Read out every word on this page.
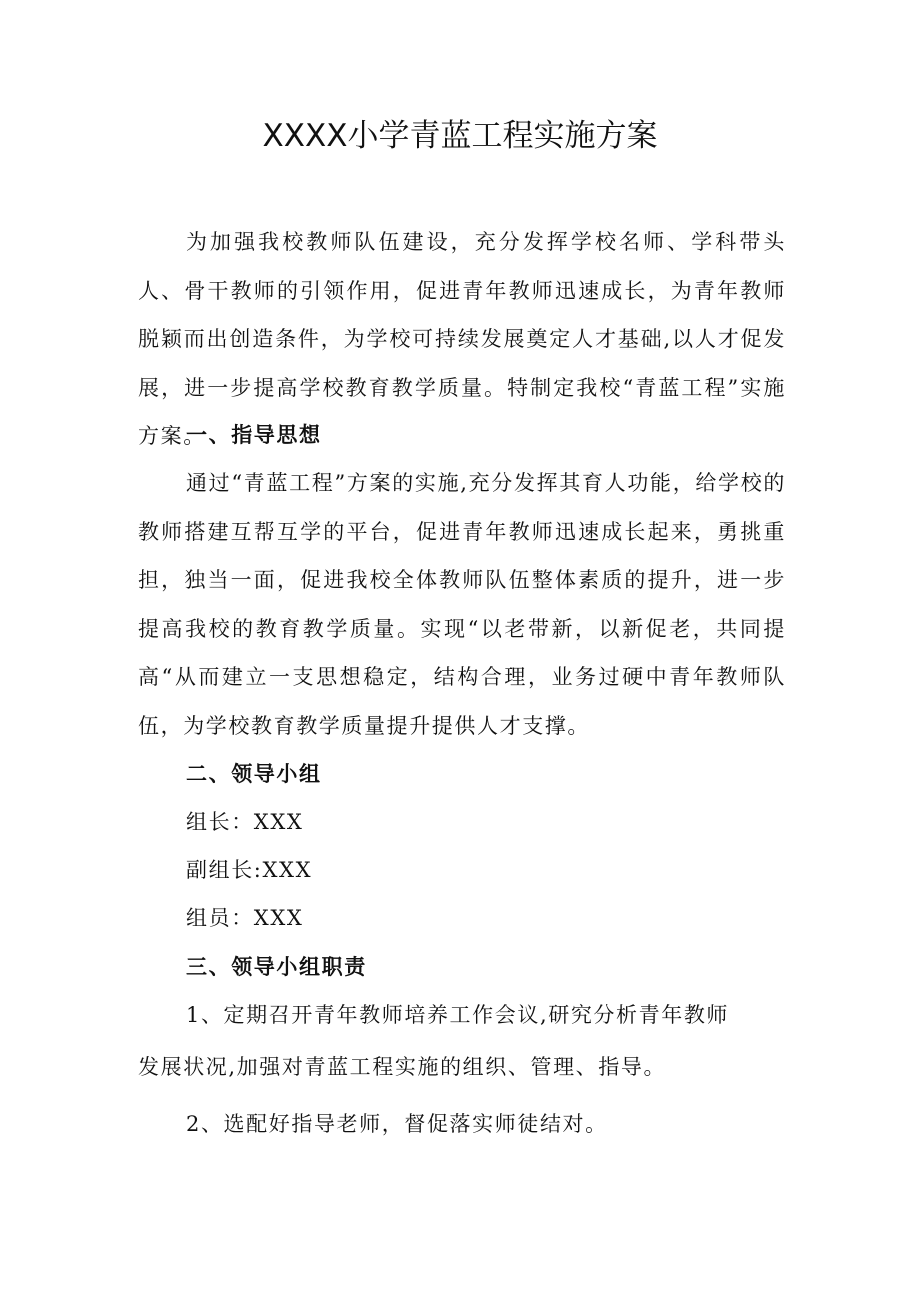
XXXX小学青蓝工程实施方案
为加强我校教师队伍建设，充分发挥学校名师、学科带头人、骨干教师的引领作用，促进青年教师迅速成长，为青年教师脱颖而出创造条件，为学校可持续发展奠定人才基础,以人才促发展，进一步提高学校教育教学质量。特制定我校“青蓝工程”实施方案。
一、指导思想
通过“青蓝工程”方案的实施,充分发挥其育人功能，给学校的教师搭建互帮互学的平台，促进青年教师迅速成长起来，勇挑重担，独当一面，促进我校全体教师队伍整体素质的提升，进一步提高我校的教育教学质量。实现“以老带新，以新促老，共同提高“从而建立一支思想稳定，结构合理，业务过硬中青年教师队伍，为学校教育教学质量提升提供人才支撑。
二、领导小组
组长：XXX
副组长:XXX
组员：XXX
三、领导小组职责
1、定期召开青年教师培养工作会议,研究分析青年教师
发展状况,加强对青蓝工程实施的组织、管理、指导。
2、选配好指导老师，督促落实师徒结对。
